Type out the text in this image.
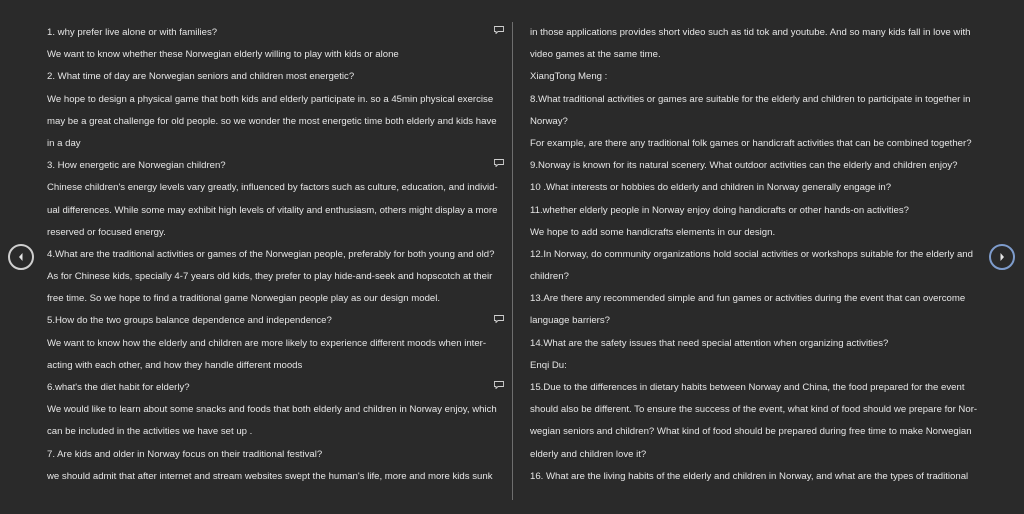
1. why prefer live alone or with families?
We want to know whether these Norwegian elderly willing to play with kids or alone
2. What time of day are Norwegian seniors and children most energetic?
We hope to design a physical game that both kids and elderly participate in. so a 45min physical exercise
may be a great challenge for old people. so we wonder the most energetic time both elderly and kids have
in a day
3. How energetic are Norwegian children?
Chinese children's energy levels vary greatly, influenced by factors such as culture, education, and individ-
ual differences. While some may exhibit high levels of vitality and enthusiasm, others might display a more
reserved or focused energy.
4.What are the traditional activities or games of the Norwegian people, preferably for both young and old?
As for Chinese kids, specially 4-7 years old kids, they prefer to play hide-and-seek and hopscotch at their
free time. So we hope to find a traditional game Norwegian people play as our design model.
5.How do the two groups balance dependence and independence?
We want to know how the elderly and children are more likely to experience different moods when inter-
acting with each other, and how they handle different moods
6.what's the diet habit for elderly?
We would like to learn about some snacks and foods that both elderly and children in Norway enjoy, which
can be included in the activities we have set up .
7. Are kids and older in Norway focus on their traditional festival?
we should admit that after internet and stream websites swept the human's life, more and more kids sunk
in those applications provides short video such as tid tok and youtube. And so many kids fall in love with
video games at the same time.
XiangTong Meng :
8.What traditional activities or games are suitable for the elderly and children to participate in together in
Norway?
For example, are there any traditional folk games or handicraft activities that can be combined together?
9.Norway is known for its natural scenery. What outdoor activities can the elderly and children enjoy?
10 .What interests or hobbies do elderly and children in Norway generally engage in?
11.whether elderly people in Norway enjoy doing handicrafts or other hands-on activities?
We hope to add some handicrafts elements in our design.
12.In Norway, do community organizations hold social activities or workshops suitable for the elderly and
children?
13.Are there any recommended simple and fun games or activities during the event that can overcome
language barriers?
14.What are the safety issues that need special attention when organizing activities?
Enqi Du:
15.Due to the differences in dietary habits between Norway and China, the food prepared for the event
should also be different. To ensure the success of the event, what kind of food should we prepare for Nor-
wegian seniors and children? What kind of food should be prepared during free time to make Norwegian
elderly and children love it?
16. What are the living habits of the elderly and children in Norway, and what are the types of traditional
